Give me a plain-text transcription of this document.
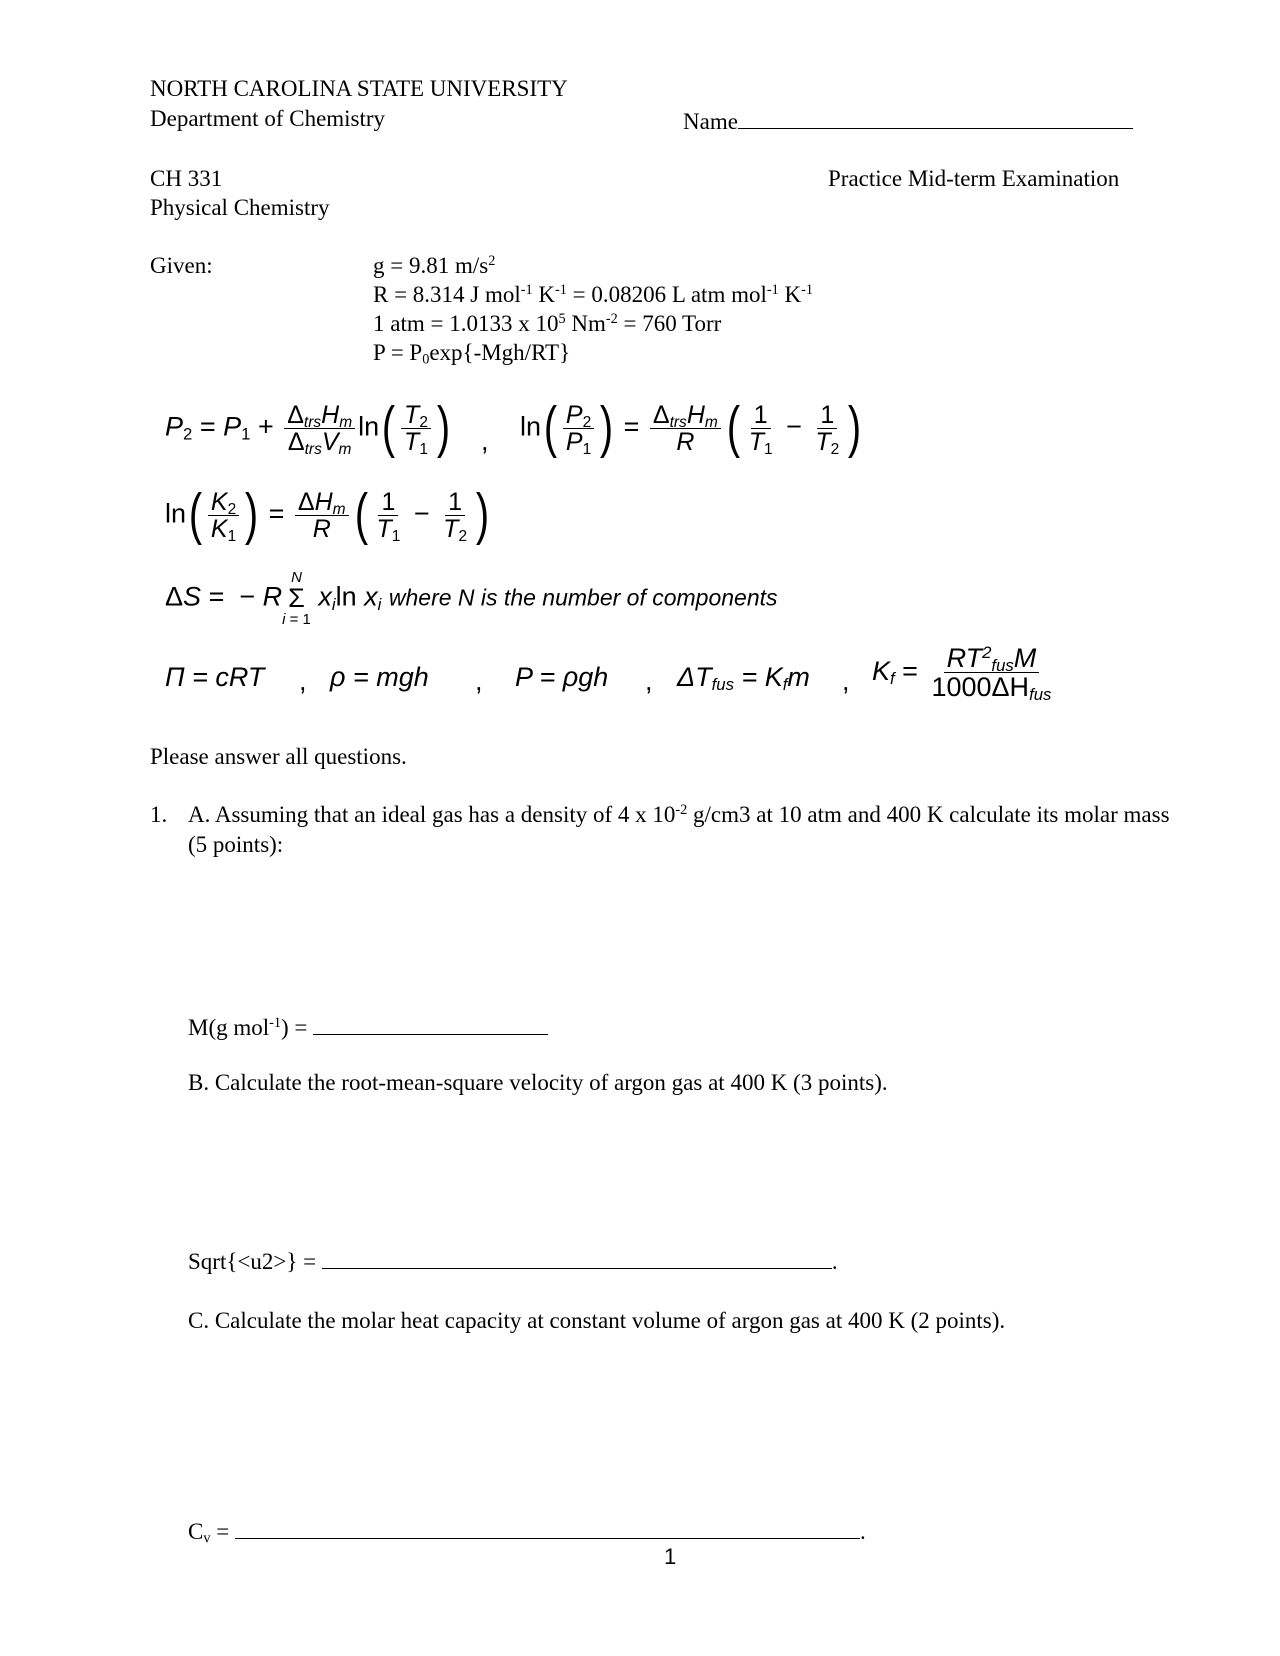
NORTH CAROLINA STATE UNIVERSITY
Department of Chemistry	Name
CH 331
Physical Chemistry
Practice Mid-term Examination
Given:	g = 9.81 $m/s^2$
R = 8.314 J mol$^{-1}$ $K^{-1} = 0.08206$ L atm mol$^{-1}$ $K^{-1}$
1 atm = 1.0133 x $10^5$ $Nm^{-2} = 760$ Torr
$P = P_0\exp\{-Mgh/RT\}$
$P_2 = P_1 + \frac{\Delta_{trs}H_m}{\Delta_{trs}V_m} \ln( \frac{T_2}{T_1}$ ) , $\ln( \frac{P_2}{P_1}$ ) = $\frac{\Delta_{trs}H_m}{R}$ ( $\frac{1}{T_1} - \frac{1}{T_2}$ )
$\ln( \frac{K_2}{K_1}$ ) = $\frac{\Delta H_m}{R}$ ( $\frac{1}{T_1} - \frac{1}{T_2}$ )
ΔS =  − R
N
Σ
i = 1
$x_i\ln$ $x_i$ where N is the number of components
Π = cRT , ρ = mgh , P = ρgh , $\Delta T_{fus} = K_fm$ , $K_f = \frac{RT^2_{fus}M}{1000\Delta H_{fus}}$
Please answer all questions.
1. A. Assuming that an ideal gas has a density of 4 x $10^{-2}$ g/cm3 at 10 atm and 400 K calculate its molar mass
(5 points):
M(g mol$^{-1}$) =
B. Calculate the root-mean-square velocity of argon gas at 400 K (3 points).
Sqrt{<u2>} =	.
C. Calculate the molar heat capacity at constant volume of argon gas at 400 K (2 points).
$C_v$ =	.
1
